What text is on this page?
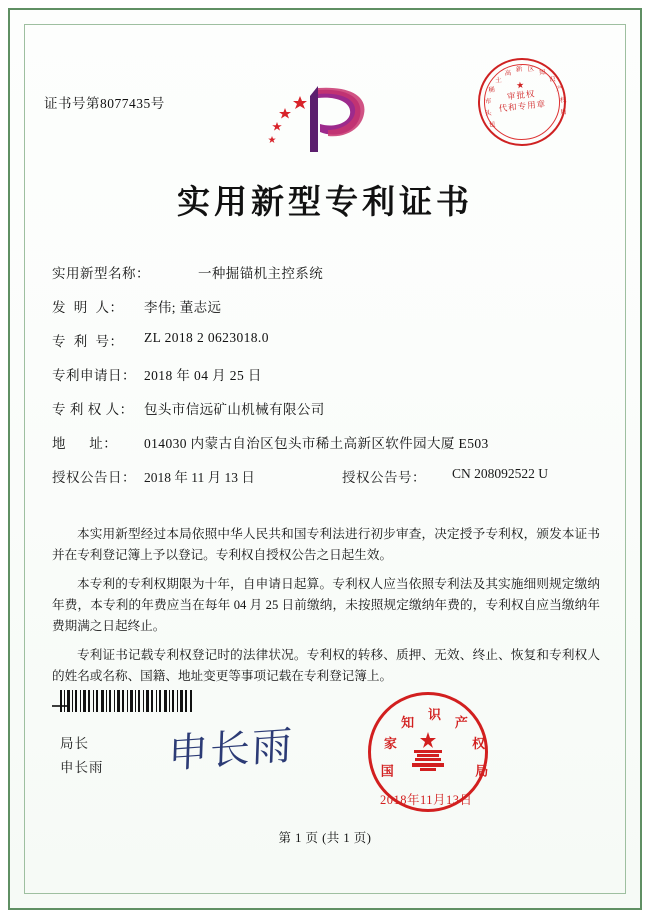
证书号第8077435号
包
头
市
稀
土
高
新 区 知
识
产
权
局
★
审批权
代和专用章
实用新型专利证书
实用新型名称：	一种掘锚机主控系统
发  明  人： 李伟; 董志远
专  利  号： ZL 2018 2 0623018.0
专利申请日： 2018 年 04 月 25 日
专 利 权 人： 包头市信远矿山机械有限公司
地      址： 014030 内蒙古自治区包头市稀土高新区软件园大厦 E503
授权公告日： 2018 年 11 月 13 日	授权公告号： CN 208092522 U

本实用新型经过本局依照中华人民共和国专利法进行初步审查，决定授予专利权，颁发本证书并在专利登记簿上予以登记。专利权自授权公告之日起生效。

本专利的专利权期限为十年，自申请日起算。专利权人应当依照专利法及其实施细则规定缴纳年费，本专利的年费应当在每年 04 月 25 日前缴纳，未按照规定缴纳年费的，专利权自应当缴纳年费期满之日起终止。

专利证书记载专利权登记时的法律状况。专利权的转移、质押、无效、终止、恢复和专利权人的姓名或名称、国籍、地址变更等事项记载在专利登记簿上。

局长
申长雨 申长雨	国
家
知
识
产
权
局
2018年11月13日
第 1 页 (共 1 页)
